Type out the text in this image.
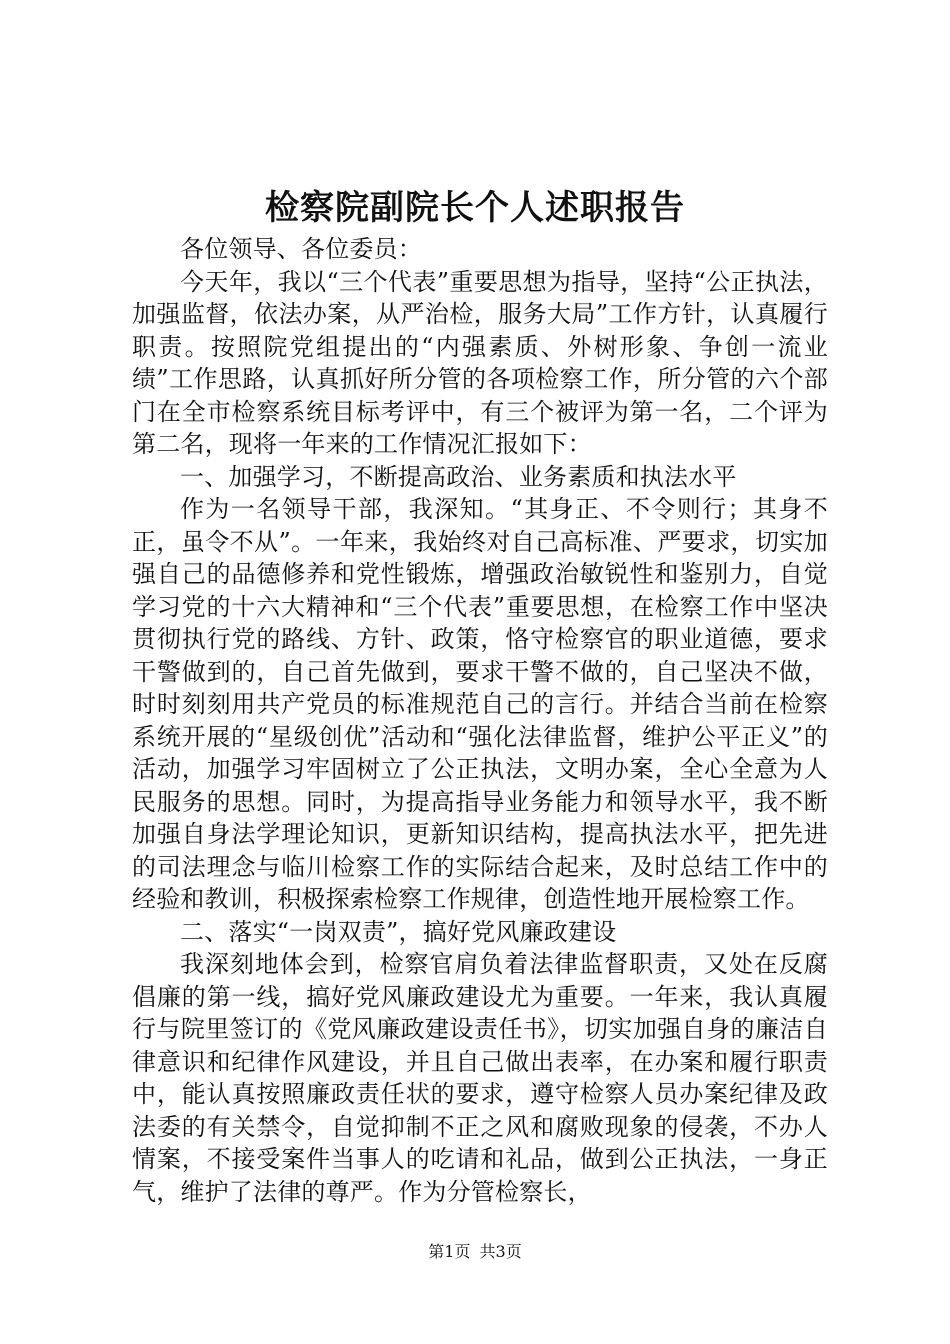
检察院副院长个人述职报告

各位领导、各位委员：

今天年，我以“三个代表”重要思想为指导，坚持“公正执法，加强监督，依法办案，从严治检，服务大局”工作方针，认真履行职责。按照院党组提出的“内强素质、外树形象、争创一流业绩”工作思路，认真抓好所分管的各项检察工作，所分管的六个部门在全市检察系统目标考评中，有三个被评为第一名，二个评为第二名，现将一年来的工作情况汇报如下：

一、加强学习，不断提高政治、业务素质和执法水平

作为一名领导干部，我深知。“其身正、不令则行；其身不正，虽令不从”。一年来，我始终对自己高标准、严要求，切实加强自己的品德修养和党性锻炼，增强政治敏锐性和鉴别力，自觉学习党的十六大精神和“三个代表”重要思想，在检察工作中坚决贯彻执行党的路线、方针、政策，恪守检察官的职业道德，要求干警做到的，自己首先做到，要求干警不做的，自己坚决不做，时时刻刻用共产党员的标准规范自己的言行。并结合当前在检察系统开展的“星级创优”活动和“强化法律监督，维护公平正义”的活动，加强学习牢固树立了公正执法，文明办案，全心全意为人民服务的思想。同时，为提高指导业务能力和领导水平，我不断加强自身法学理论知识，更新知识结构，提高执法水平，把先进的司法理念与临川检察工作的实际结合起来，及时总结工作中的经验和教训，积极探索检察工作规律，创造性地开展检察工作。

二、落实“一岗双责”，搞好党风廉政建设

我深刻地体会到，检察官肩负着法律监督职责，又处在反腐倡廉的第一线，搞好党风廉政建设尤为重要。一年来，我认真履行与院里签订的《党风廉政建设责任书》，切实加强自身的廉洁自律意识和纪律作风建设，并且自己做出表率，在办案和履行职责中，能认真按照廉政责任状的要求，遵守检察人员办案纪律及政法委的有关禁令，自觉抑制不正之风和腐败现象的侵袭，不办人情案，不接受案件当事人的吃请和礼品，做到公正执法，一身正气，维护了法律的尊严。作为分管检察长，

第1页 共3页
